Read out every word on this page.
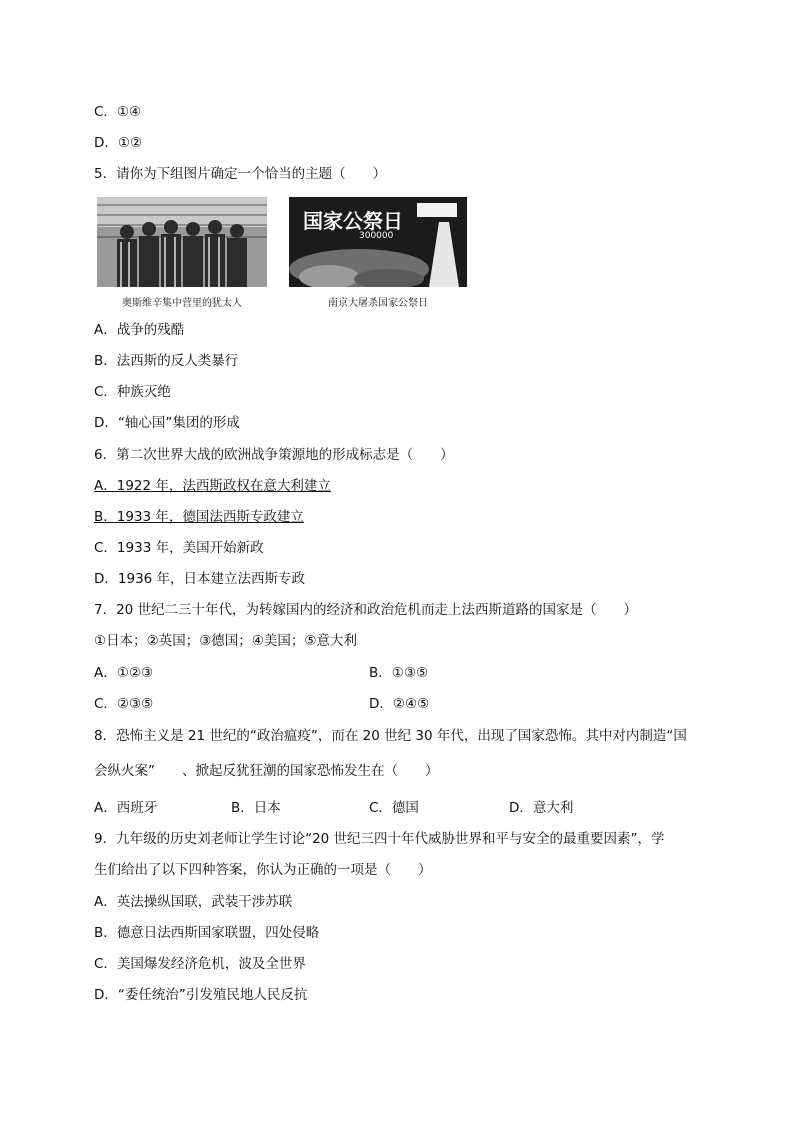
C．①④
D．①②
5．请你为下组图片确定一个恰当的主题（　　）
奥斯维辛集中营里的犹太人
国家公祭日
300000
南京大屠杀国家公祭日
A．战争的残酷
B．法西斯的反人类暴行
C．种族灭绝
D．“轴心国”集团的形成
6．第二次世界大战的欧洲战争策源地的形成标志是（　　）
A．1922 年，法西斯政权在意大利建立
B．1933 年，德国法西斯专政建立
C．1933 年，美国开始新政
D．1936 年，日本建立法西斯专政
7．20 世纪二三十年代，为转嫁国内的经济和政治危机而走上法西斯道路的国家是（　　）
①日本；②英国；③德国；④美国；⑤意大利
A．①②③	B．①③⑤
C．②③⑤	D．②④⑤
8．恐怖主义是 21 世纪的“政治瘟疫”，而在 20 世纪 30 年代，出现了国家恐怖。其中对内制造“国
会纵火案”　　、掀起反犹狂潮的国家恐怖发生在（　　）
A．西班牙	B．日本	C．德国	D．意大利
9．九年级的历史刘老师让学生讨论“20 世纪三四十年代威胁世界和平与安全的最重要因素”，学
生们给出了以下四种答案，你认为正确的一项是（　　）
A．英法操纵国联，武装干涉苏联
B．德意日法西斯国家联盟，四处侵略
C．美国爆发经济危机，波及全世界
D．“委任统治”引发殖民地人民反抗
